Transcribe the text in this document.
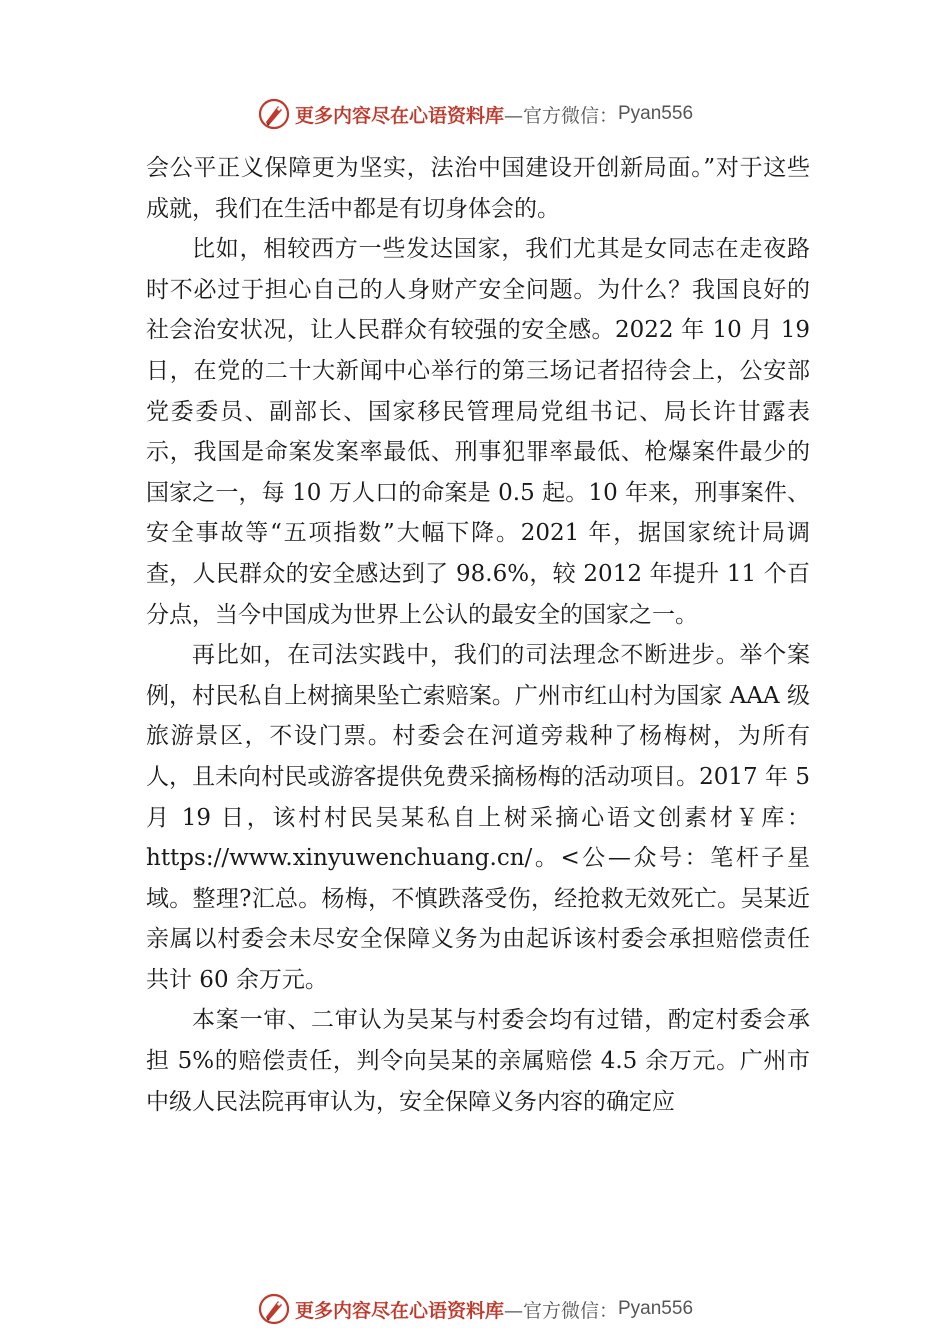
更多内容尽在心语资料库 —官方微信： Pyan556

会公平正义保障更为坚实，法治中国建设开创新局面。”对于这些成就，我们在生活中都是有切身体会的。

比如，相较西方一些发达国家，我们尤其是女同志在走夜路时不必过于担心自己的人身财产安全问题。为什么？我国良好的社会治安状况，让人民群众有较强的安全感。2022 年 10 月 19 日，在党的二十大新闻中心举行的第三场记者招待会上，公安部党委委员、副部长、国家移民管理局党组书记、局长许甘露表示，我国是命案发案率最低、刑事犯罪率最低、枪爆案件最少的国家之一，每 10 万人口的命案是 0.5 起。10 年来，刑事案件、安全事故等“五项指数”大幅下降。2021 年，据国家统计局调查，人民群众的安全感达到了 98.6%，较 2012 年提升 11 个百分点，当今中国成为世界上公认的最安全的国家之一。

再比如，在司法实践中，我们的司法理念不断进步。举个案例，村民私自上树摘果坠亡索赔案。广州市红山村为国家 AAA 级旅游景区，不设门票。村委会在河道旁栽种了杨梅树，为所有人，且未向村民或游客提供免费采摘杨梅的活动项目。2017 年 5 月 19 日，该村村民吴某私自上树采摘心语文创素材￥库：https://www.xinyuwenchuang.cn/。<公—众号：笔杆子星域。整理?汇总。杨梅，不慎跌落受伤，经抢救无效死亡。吴某近亲属以村委会未尽安全保障义务为由起诉该村委会承担赔偿责任共计 60 余万元。

本案一审、二审认为吴某与村委会均有过错，酌定村委会承担 5%的赔偿责任，判令向吴某的亲属赔偿 4.5 余万元。广州市中级人民法院再审认为，安全保障义务内容的确定应

更多内容尽在心语资料库 —官方微信： Pyan556
